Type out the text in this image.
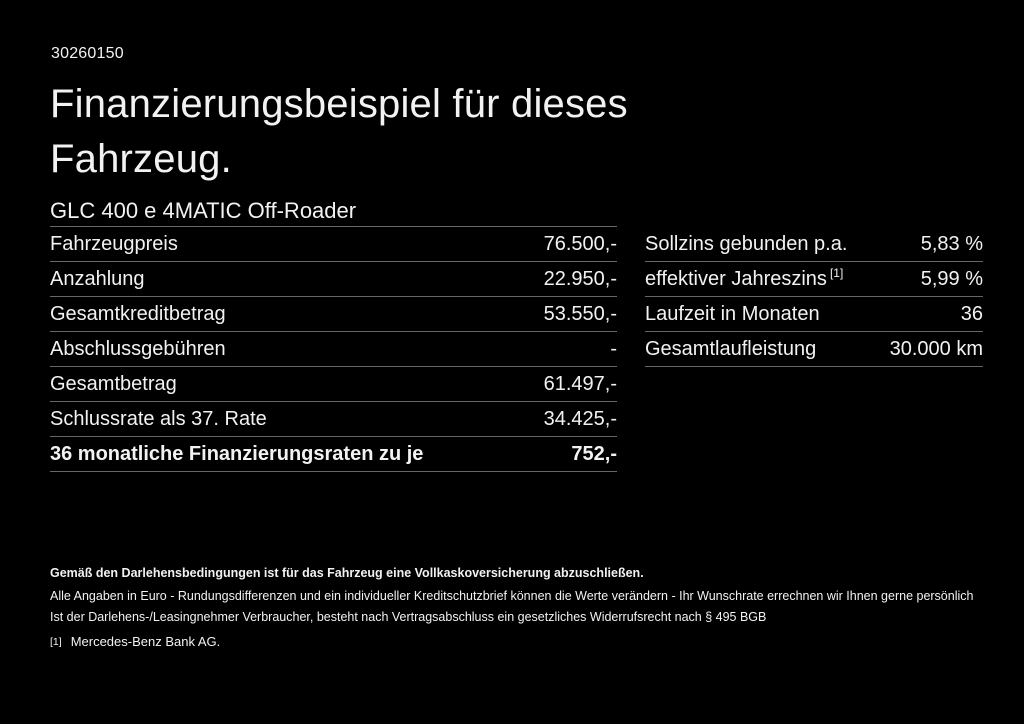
30260150
Finanzierungsbeispiel für dieses Fahrzeug.
GLC 400 e 4MATIC Off-Roader
Fahrzeugpreis	76.500,-
Anzahlung	22.950,-
Gesamtkreditbetrag	53.550,-
Abschlussgebühren	-
Gesamtbetrag	61.497,-
Schlussrate als 37. Rate	34.425,-
36 monatliche Finanzierungsraten zu je	752,-
Sollzins gebunden p.a.	5,83 %
effektiver Jahreszins [1]	5,99 %
Laufzeit in Monaten	36
Gesamtlaufleistung	30.000 km
Gemäß den Darlehensbedingungen ist für das Fahrzeug eine Vollkaskoversicherung abzuschließen.
Alle Angaben in Euro - Rundungsdifferenzen und ein individueller Kreditschutzbrief können die Werte verändern - Ihr Wunschrate errechnen wir Ihnen gerne persönlich
Ist der Darlehens-/Leasingnehmer Verbraucher, besteht nach Vertragsabschluss ein gesetzliches Widerrufsrecht nach § 495 BGB
[1] Mercedes-Benz Bank AG.
